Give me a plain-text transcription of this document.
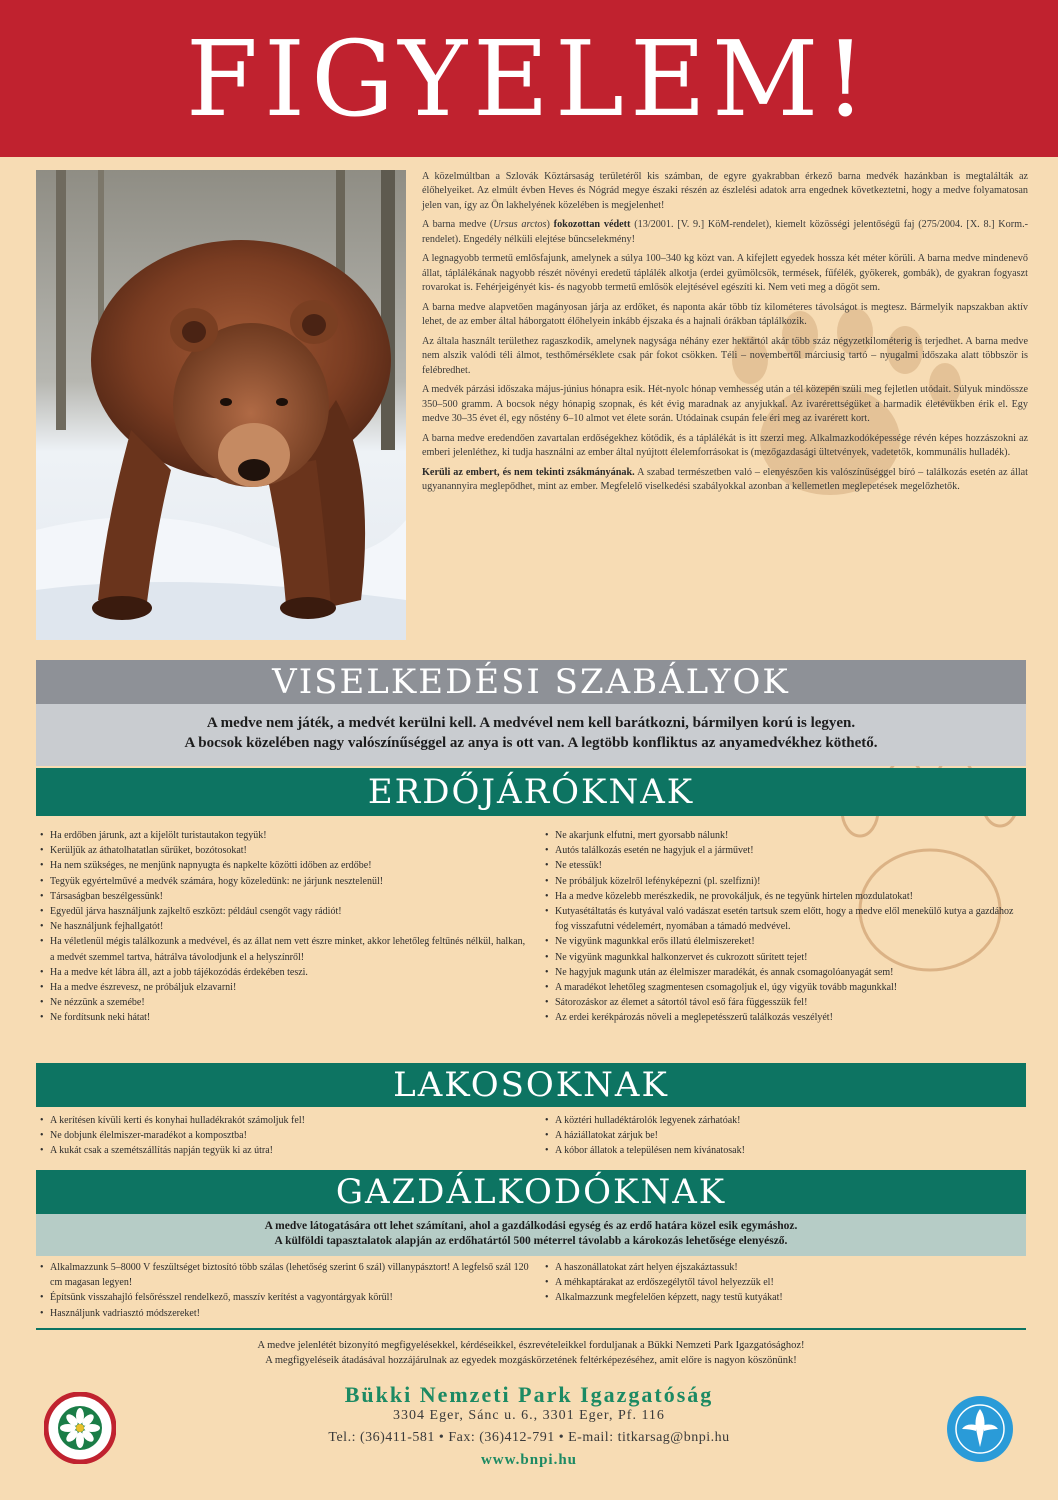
FIGYELEM!

A közelmúltban a Szlovák Köztársaság területéről kis számban, de egyre gyakrabban érkező barna medvék hazánkban is megtalálták az élőhelyeiket. Az elmúlt évben Heves és Nógrád megye északi részén az észlelési adatok arra engednek következtetni, hogy a medve folyamatosan jelen van, így az Ön lakhelyének közelében is megjelenhet!

A barna medve (Ursus arctos) fokozottan védett (13/2001. [V. 9.] KöM-rendelet), kiemelt közösségi jelentőségű faj (275/2004. [X. 8.] Korm.-rendelet). Engedély nélküli elejtése bűncselekmény!

A legnagyobb termetű emlősfajunk, amelynek a súlya 100–340 kg közt van. A kifejlett egyedek hossza két méter körüli. A barna medve mindenevő állat, táplálékának nagyobb részét növényi eredetű táplálék alkotja (erdei gyümölcsök, termések, fűfélék, gyökerek, gombák), de gyakran fogyaszt rovarokat is. Fehérjeigényét kis- és nagyobb termetű emlősök elejtésével egészíti ki. Nem veti meg a dögöt sem.

A barna medve alapvetően magányosan járja az erdőket, és naponta akár több tíz kilométeres távolságot is megtesz. Bármelyik napszakban aktív lehet, de az ember által háborgatott élőhelyein inkább éjszaka és a hajnali órákban táplálkozik.

Az általa használt területhez ragaszkodik, amelynek nagysága néhány ezer hektártól akár több száz négyzetkilométerig is terjedhet. A barna medve nem alszik valódi téli álmot, testhőmérséklete csak pár fokot csökken. Téli – novembertől márciusig tartó – nyugalmi időszaka alatt többször is felébredhet.

A medvék párzási időszaka május-június hónapra esik. Hét-nyolc hónap vemhesség után a tél közepén szüli meg fejletlen utódait. Súlyuk mindössze 350–500 gramm. A bocsok négy hónapig szopnak, és két évig maradnak az anyjukkal. Az ivarérettségüket a harmadik életévükben érik el. Egy medve 30–35 évet él, egy nőstény 6–10 almot vet élete során. Utódainak csupán fele éri meg az ivarérett kort.

A barna medve eredendően zavartalan erdőségekhez kötődik, és a táplálékát is itt szerzi meg. Alkalmazkodóképessége révén képes hozzászokni az emberi jelenléthez, ki tudja használni az ember által nyújtott élelemforrásokat is (mezőgazdasági ültetvények, vadetetők, kommunális hulladék).

Kerüli az embert, és nem tekinti zsákmányának. A szabad természetben való – elenyészően kis valószínűséggel bíró – találkozás esetén az állat ugyanannyira meglepődhet, mint az ember. Megfelelő viselkedési szabályokkal azonban a kellemetlen meglepetések megelőzhetők.

VISELKEDÉSI SZABÁLYOK
A medve nem játék, a medvét kerülni kell. A medvével nem kell barátkozni, bármilyen korú is legyen.
A bocsok közelében nagy valószínűséggel az anya is ott van. A legtöbb konfliktus az anyamedvékhez köthető.
ERDŐJÁRÓKNAK
• Ha erdőben járunk, azt a kijelölt turistautakon tegyük!
• Kerüljük az áthatolhatatlan sűrűket, bozótosokat!
• Ha nem szükséges, ne menjünk napnyugta és napkelte közötti időben az erdőbe!
• Tegyük egyértelművé a medvék számára, hogy közeledünk: ne járjunk nesztelenül!
• Társaságban beszélgessünk!
• Egyedül járva használjunk zajkeltő eszközt: például csengőt vagy rádiót!
• Ne használjunk fejhallgatót!
• Ha véletlenül mégis találkozunk a medvével, és az állat nem vett észre minket, akkor lehetőleg feltűnés nélkül, halkan, a medvét szemmel tartva, hátrálva távolodjunk el a helyszínről!
• Ha a medve két lábra áll, azt a jobb tájékozódás érdekében teszi.
• Ha a medve észrevesz, ne próbáljuk elzavarni!
• Ne nézzünk a szemébe!
• Ne fordítsunk neki hátat!
• Ne akarjunk elfutni, mert gyorsabb nálunk!
• Autós találkozás esetén ne hagyjuk el a járművet!
• Ne etessük!
• Ne próbáljuk közelről lefényképezni (pl. szelfizni)!
• Ha a medve közelebb merészkedik, ne provokáljuk, és ne tegyünk hirtelen mozdulatokat!
• Kutyasétáltatás és kutyával való vadászat esetén tartsuk szem előtt, hogy a medve elől menekülő kutya a gazdához fog visszafutni védelemért, nyomában a támadó medvével.
• Ne vigyünk magunkkal erős illatú élelmiszereket!
• Ne vigyünk magunkkal halkonzervet és cukrozott sűrített tejet!
• Ne hagyjuk magunk után az élelmiszer maradékát, és annak csomagolóanyagát sem!
• A maradékot lehetőleg szagmentesen csomagoljuk el, úgy vigyük tovább magunkkal!
• Sátorozáskor az élemet a sátortól távol eső fára függesszük fel!
• Az erdei kerékpározás növeli a meglepetésszerű találkozás veszélyét!
LAKOSOKNAK
• A kerítésen kívüli kerti és konyhai hulladékrakót számoljuk fel!
• Ne dobjunk élelmiszer-maradékot a komposztba!
• A kukát csak a szemétszállítás napján tegyük ki az útra!
• A köztéri hulladéktárolók legyenek zárhatóak!
• A háziállatokat zárjuk be!
• A kóbor állatok a településen nem kívánatosak!
GAZDÁLKODÓKNAK
A medve látogatására ott lehet számítani, ahol a gazdálkodási egység és az erdő határa közel esik egymáshoz.
A külföldi tapasztalatok alapján az erdőhatártól 500 méterrel távolabb a károkozás lehetősége elenyésző.
• Alkalmazzunk 5–8000 V feszültséget biztosító több szálas (lehetőség szerint 6 szál) villanypásztort! A legfelső szál 120 cm magasan legyen!
• Építsünk visszahajló felsőrésszel rendelkező, masszív kerítést a vagyontárgyak körül!
• Használjunk vadriasztó módszereket!
• A haszonállatokat zárt helyen éjszakáztassuk!
• A méhkaptárakat az erdőszegélytől távol helyezzük el!
• Alkalmazzunk megfelelően képzett, nagy testű kutyákat!
A medve jelenlétét bizonyító megfigyelésekkel, kérdéseikkel, észrevételeikkel forduljanak a Bükki Nemzeti Park Igazgatósághoz!
A megfigyeléseik átadásával hozzájárulnak az egyedek mozgáskörzetének feltérképezéséhez, amit előre is nagyon köszönünk!
Bükki Nemzeti Park Igazgatóság
3304 Eger, Sánc u. 6., 3301 Eger, Pf. 116
Tel.: (36)411-581 • Fax: (36)412-791 • E-mail: titkarsag@bnpi.hu
www.bnpi.hu
